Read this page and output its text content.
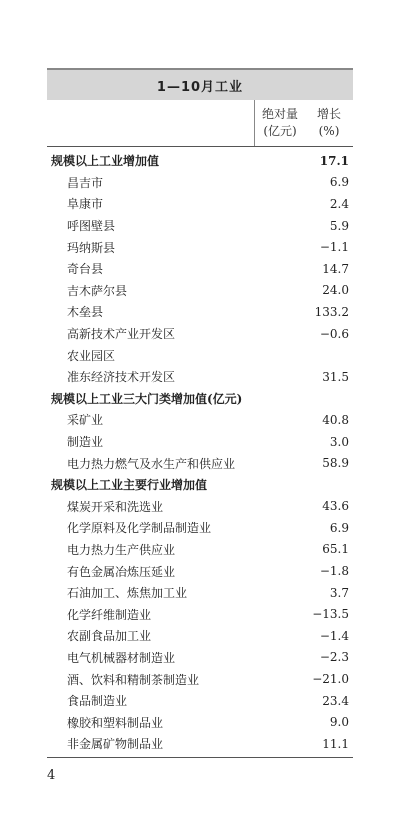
1—10月工业
绝对量
(亿元)
增长
(%)
规模以上工业增加值	17.1
昌吉市	6.9
阜康市	2.4
呼图壁县	5.9
玛纳斯县	−1.1
奇台县	14.7
吉木萨尔县	24.0
木垒县	133.2
高新技术产业开发区	−0.6
农业园区
准东经济技术开发区	31.5
规模以上工业三大门类增加值(亿元)
采矿业	40.8
制造业	3.0
电力热力燃气及水生产和供应业	58.9
规模以上工业主要行业增加值
煤炭开采和洗选业	43.6
化学原料及化学制品制造业	6.9
电力热力生产供应业	65.1
有色金属冶炼压延业	−1.8
石油加工、炼焦加工业	3.7
化学纤维制造业	−13.5
农副食品加工业	−1.4
电气机械器材制造业	−2.3
酒、饮料和精制茶制造业	−21.0
食品制造业	23.4
橡胶和塑料制品业	9.0
非金属矿物制品业	11.1
4
